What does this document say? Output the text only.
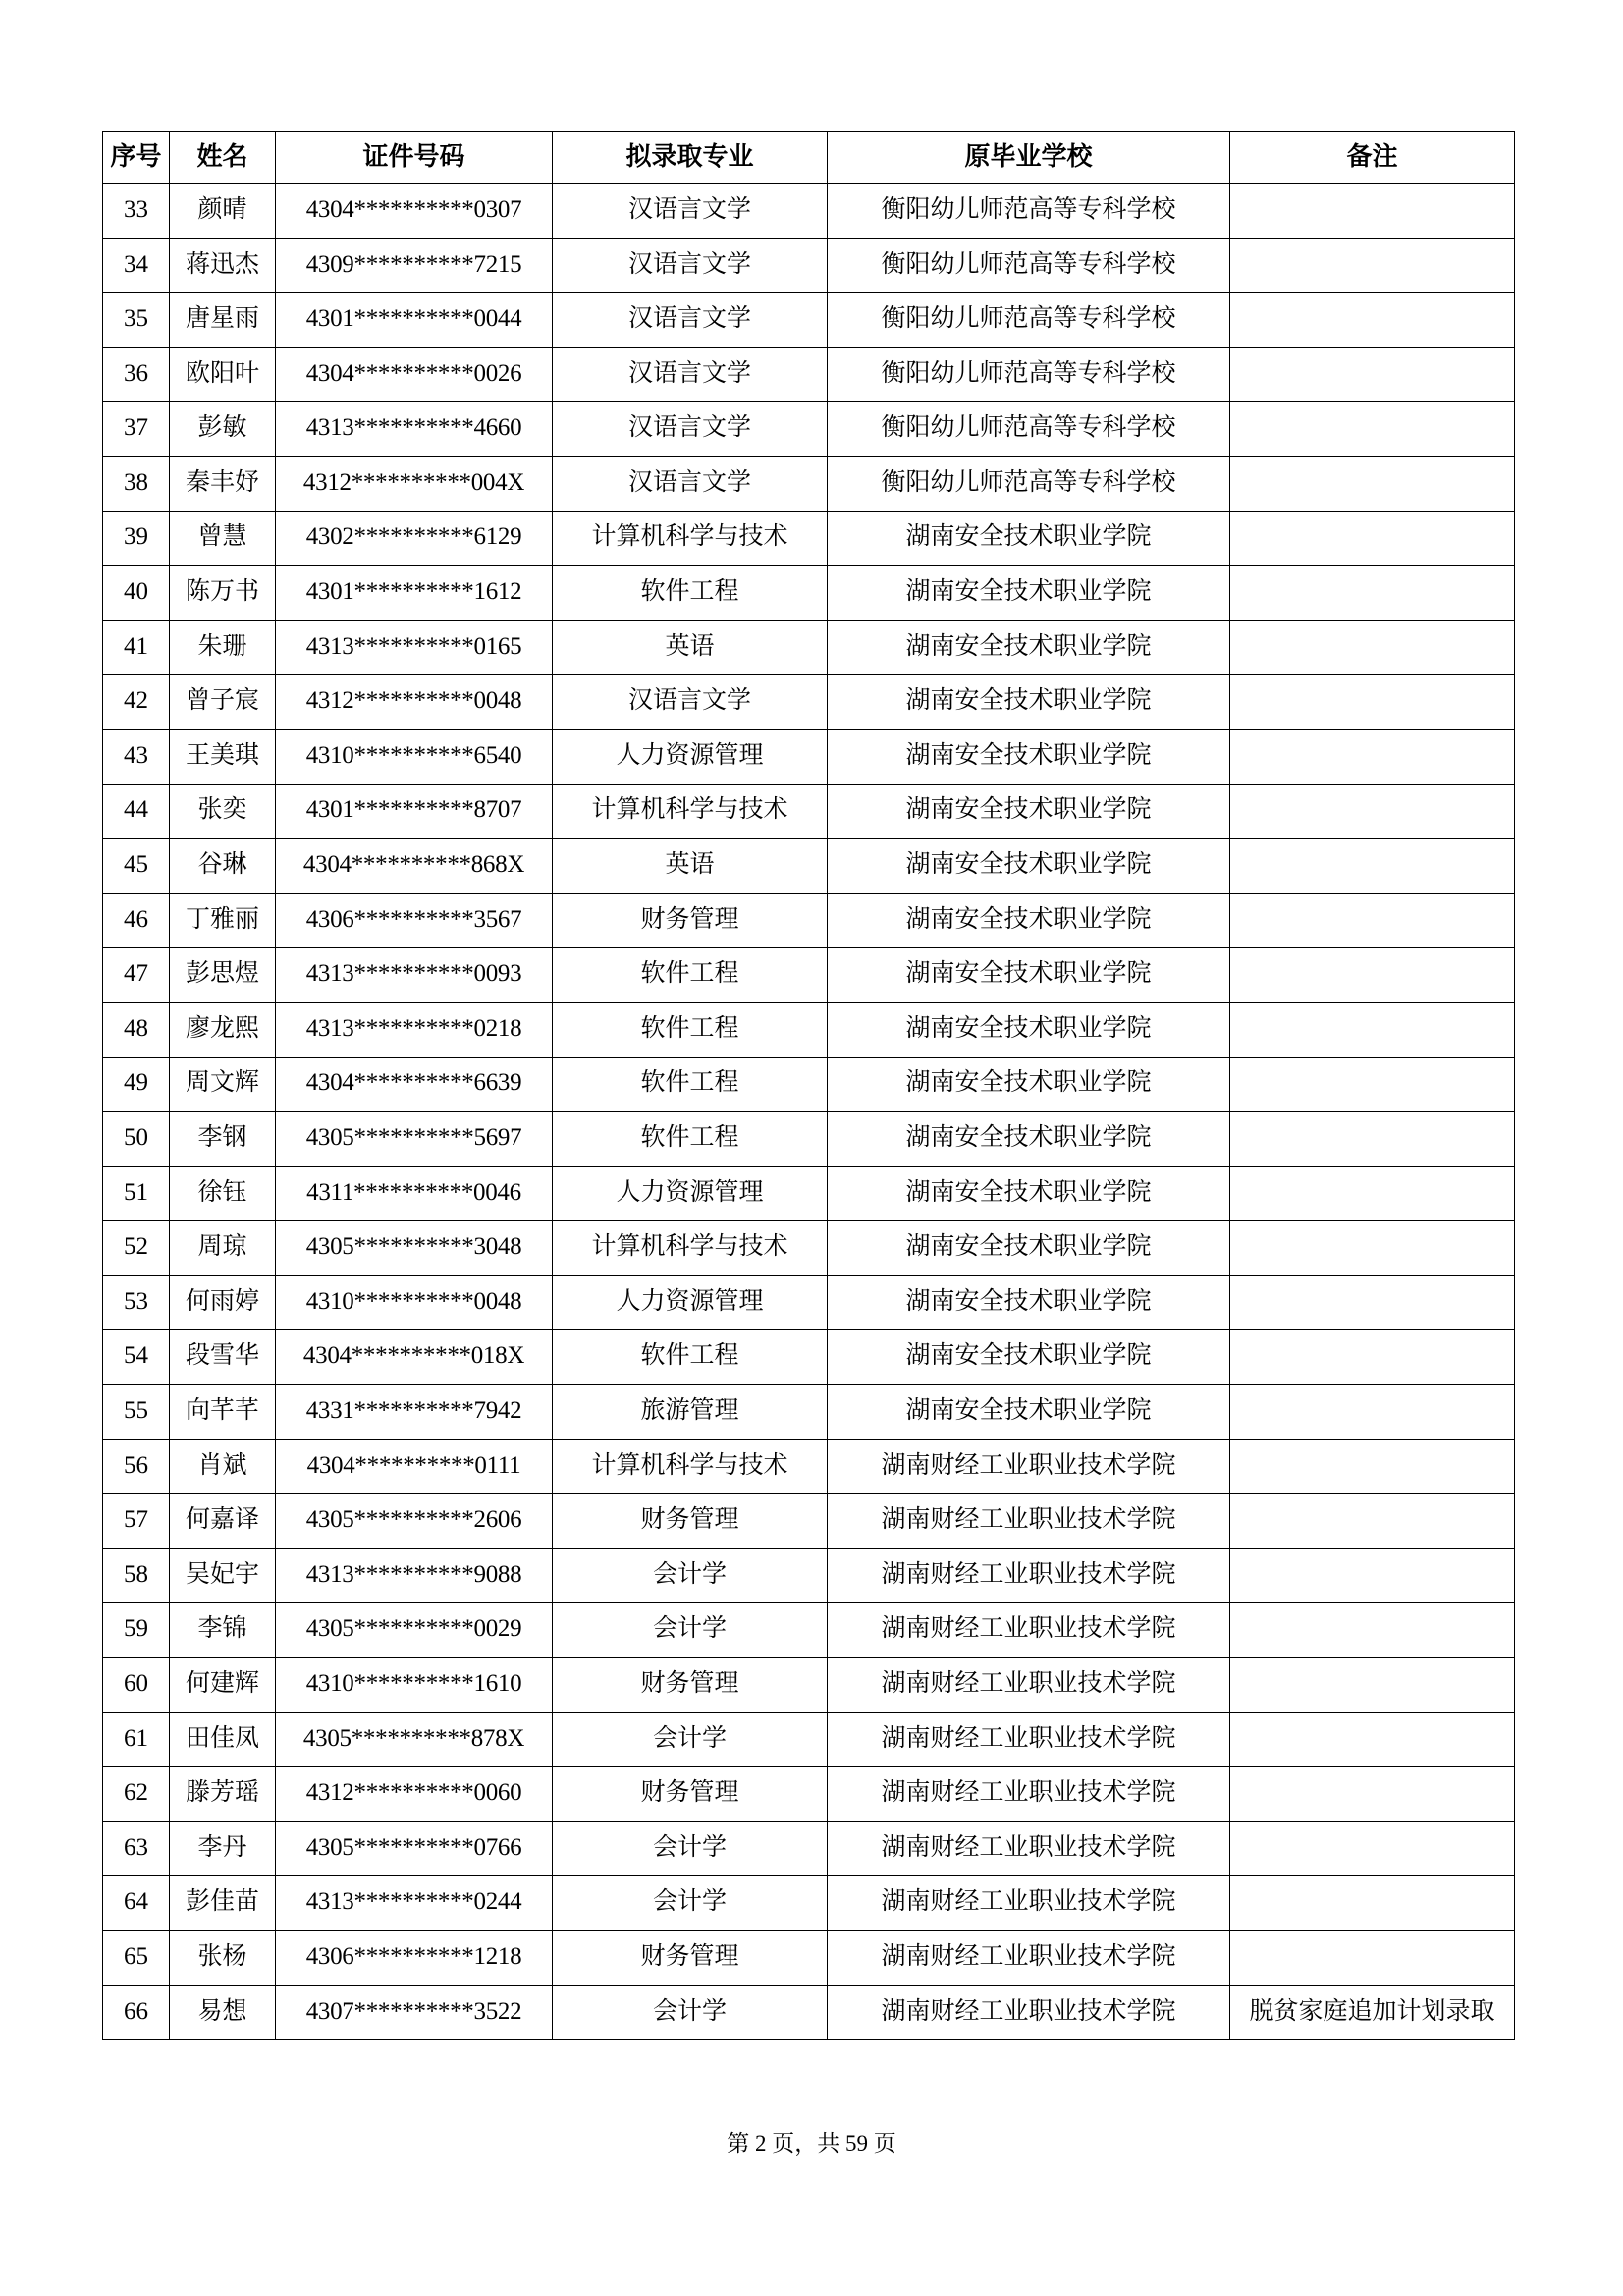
序号	姓名	证件号码	拟录取专业	原毕业学校	备注
33	颜晴	4304**********0307	汉语言文学	衡阳幼儿师范高等专科学校	
34	蒋迅杰	4309**********7215	汉语言文学	衡阳幼儿师范高等专科学校	
35	唐星雨	4301**********0044	汉语言文学	衡阳幼儿师范高等专科学校	
36	欧阳叶	4304**********0026	汉语言文学	衡阳幼儿师范高等专科学校	
37	彭敏	4313**********4660	汉语言文学	衡阳幼儿师范高等专科学校	
38	秦丰妤	4312**********004X	汉语言文学	衡阳幼儿师范高等专科学校	
39	曾慧	4302**********6129	计算机科学与技术	湖南安全技术职业学院	
40	陈万书	4301**********1612	软件工程	湖南安全技术职业学院	
41	朱珊	4313**********0165	英语	湖南安全技术职业学院	
42	曾子宸	4312**********0048	汉语言文学	湖南安全技术职业学院	
43	王美琪	4310**********6540	人力资源管理	湖南安全技术职业学院	
44	张奕	4301**********8707	计算机科学与技术	湖南安全技术职业学院	
45	谷琳	4304**********868X	英语	湖南安全技术职业学院	
46	丁雅丽	4306**********3567	财务管理	湖南安全技术职业学院	
47	彭思煜	4313**********0093	软件工程	湖南安全技术职业学院	
48	廖龙熙	4313**********0218	软件工程	湖南安全技术职业学院	
49	周文辉	4304**********6639	软件工程	湖南安全技术职业学院	
50	李钢	4305**********5697	软件工程	湖南安全技术职业学院	
51	徐钰	4311**********0046	人力资源管理	湖南安全技术职业学院	
52	周琼	4305**********3048	计算机科学与技术	湖南安全技术职业学院	
53	何雨婷	4310**********0048	人力资源管理	湖南安全技术职业学院	
54	段雪华	4304**********018X	软件工程	湖南安全技术职业学院	
55	向芊芊	4331**********7942	旅游管理	湖南安全技术职业学院	
56	肖斌	4304**********0111	计算机科学与技术	湖南财经工业职业技术学院	
57	何嘉译	4305**********2606	财务管理	湖南财经工业职业技术学院	
58	吴妃宇	4313**********9088	会计学	湖南财经工业职业技术学院	
59	李锦	4305**********0029	会计学	湖南财经工业职业技术学院	
60	何建辉	4310**********1610	财务管理	湖南财经工业职业技术学院	
61	田佳凤	4305**********878X	会计学	湖南财经工业职业技术学院	
62	滕芳瑶	4312**********0060	财务管理	湖南财经工业职业技术学院	
63	李丹	4305**********0766	会计学	湖南财经工业职业技术学院	
64	彭佳苗	4313**********0244	会计学	湖南财经工业职业技术学院	
65	张杨	4306**********1218	财务管理	湖南财经工业职业技术学院	
66	易想	4307**********3522	会计学	湖南财经工业职业技术学院	脱贫家庭追加计划录取
第 2 页，共 59 页
